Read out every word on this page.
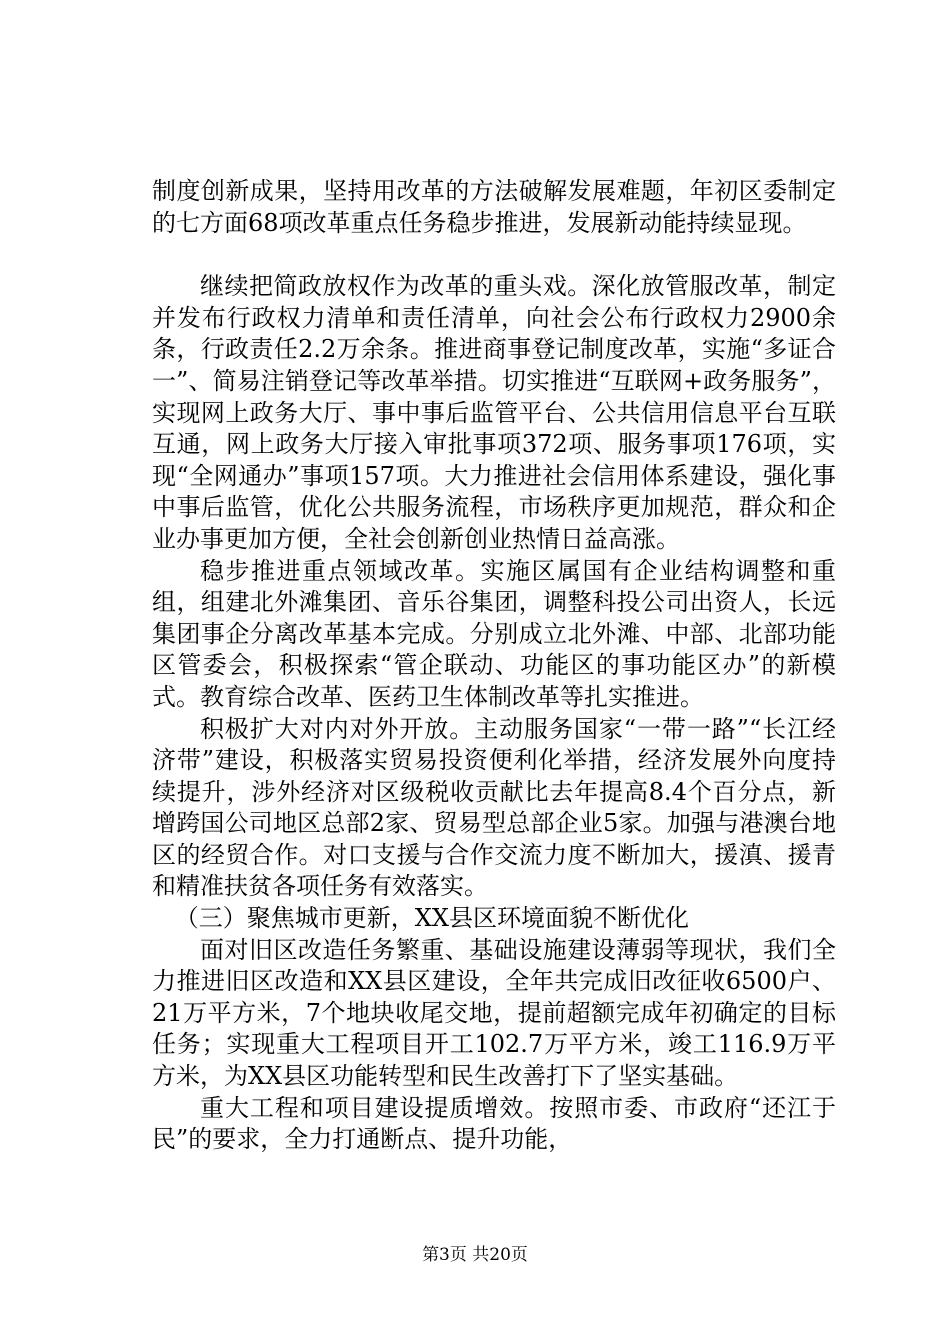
制度创新成果，坚持用改革的方法破解发展难题，年初区委制定的七方面68项改革重点任务稳步推进，发展新动能持续显现。

继续把简政放权作为改革的重头戏。深化放管服改革，制定并发布行政权力清单和责任清单，向社会公布行政权力2900余条，行政责任2.2万余条。推进商事登记制度改革，实施“多证合一”、简易注销登记等改革举措。切实推进“互联网+政务服务”，实现网上政务大厅、事中事后监管平台、公共信用信息平台互联互通，网上政务大厅接入审批事项372项、服务事项176项，实现“全网通办”事项157项。大力推进社会信用体系建设，强化事中事后监管，优化公共服务流程，市场秩序更加规范，群众和企业办事更加方便，全社会创新创业热情日益高涨。

稳步推进重点领域改革。实施区属国有企业结构调整和重组，组建北外滩集团、音乐谷集团，调整科投公司出资人，长远集团事企分离改革基本完成。分别成立北外滩、中部、北部功能区管委会，积极探索“管企联动、功能区的事功能区办”的新模式。教育综合改革、医药卫生体制改革等扎实推进。

积极扩大对内对外开放。主动服务国家“一带一路”“长江经济带”建设，积极落实贸易投资便利化举措，经济发展外向度持续提升，涉外经济对区级税收贡献比去年提高8.4个百分点，新增跨国公司地区总部2家、贸易型总部企业5家。加强与港澳台地区的经贸合作。对口支援与合作交流力度不断加大，援滇、援青和精准扶贫各项任务有效落实。

（三）聚焦城市更新，XX县区环境面貌不断优化

面对旧区改造任务繁重、基础设施建设薄弱等现状，我们全力推进旧区改造和XX县区建设，全年共完成旧改征收6500户、21万平方米，7个地块收尾交地，提前超额完成年初确定的目标任务；实现重大工程项目开工102.7万平方米，竣工116.9万平方米，为XX县区功能转型和民生改善打下了坚实基础。

重大工程和项目建设提质增效。按照市委、市政府“还江于民”的要求，全力打通断点、提升功能，

第3页 共20页
